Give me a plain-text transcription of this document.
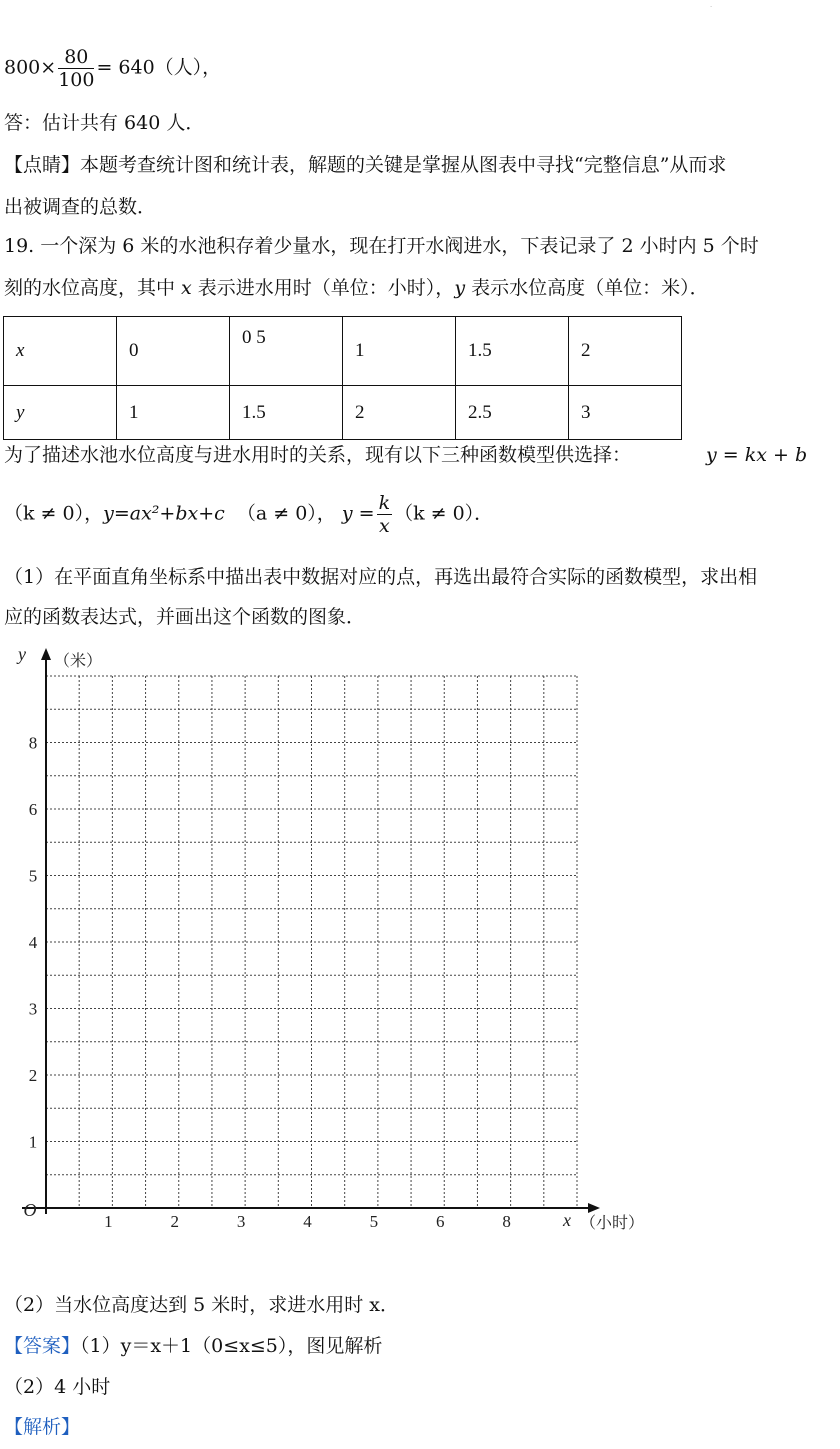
·
$800\times \frac{80}{100} = 640$（人），
答：估计共有 640 人．
【点睛】本题考查统计图和统计表，解题的关键是掌握从图表中寻找“完整信息”从而求
出被调查的总数．
19. 一个深为 6 米的水池积存着少量水，现在打开水阀进水，下表记录了 2 小时内 5 个时
刻的水位高度，其中 x 表示进水用时（单位：小时），y 表示水位高度（单位：米）．
x	0	0 5	1	1.5	2
y	1	1.5	2	2.5	3
为了描述水池水位高度与进水用时的关系，现有以下三种函数模型供选择：	y = kx + b
（k ≠ 0），y=ax²+bx+c （a ≠ 0）， $y = \frac{k}{x} (k \ne 0)$．
（1）在平面直角坐标系中描出表中数据对应的点，再选出最符合实际的函数模型，求出相
应的函数表达式，并画出这个函数的图象．
1	2	3	4	5	6	8
1
2
3
4
5
6
8
O
y （米）
x （小时）
（2）当水位高度达到 5 米时，求进水用时 x．
【答案】（1）y＝x＋1（0≤x≤5），图见解析
（2）4 小时
【解析】
